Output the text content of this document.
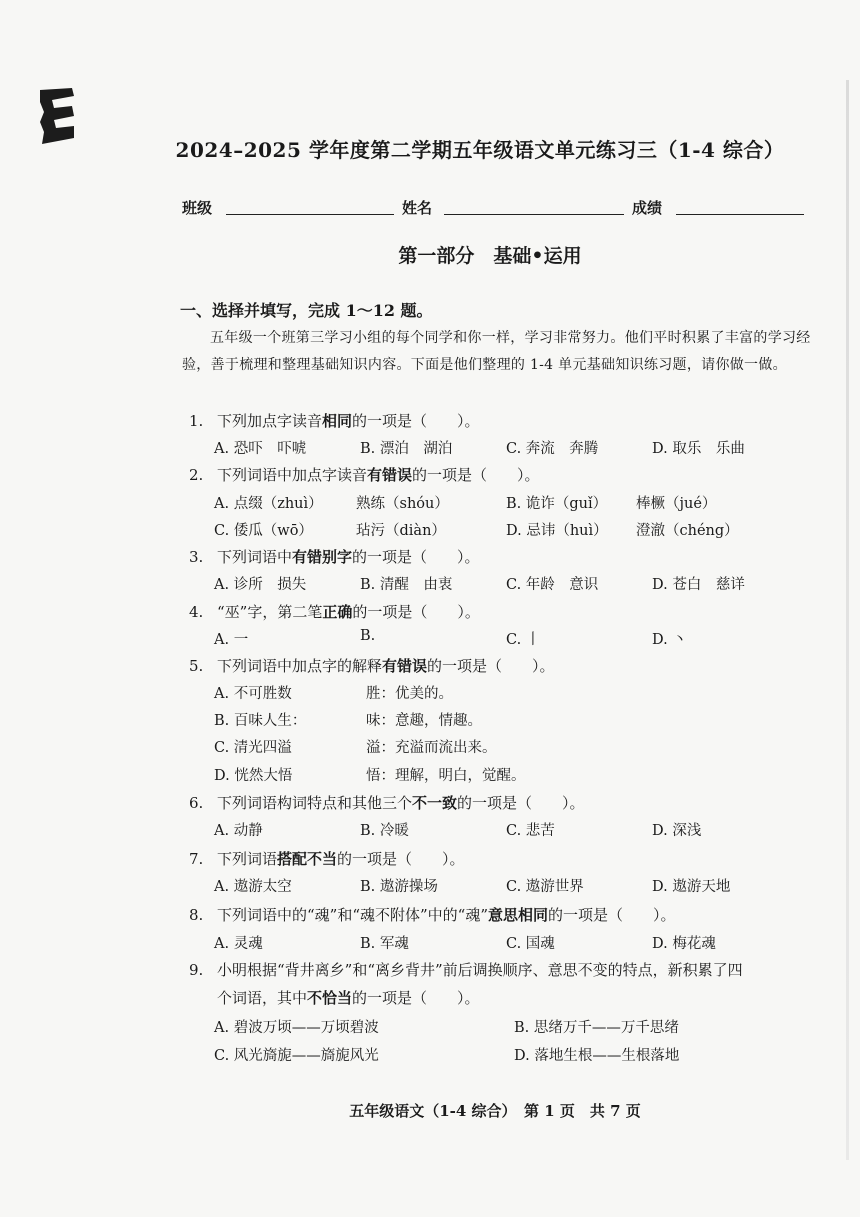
2024–2025 学年度第二学期五年级语文单元练习三（1-4 综合）
班级	姓名	成绩
第一部分　基础•运用
一、选择并填写，完成 1～12 题。
五年级一个班第三学习小组的每个同学和你一样，学习非常努力。他们平时积累了丰富的学习经验，善于梳理和整理基础知识内容。下面是他们整理的 1-4 单元基础知识练习题，请你做一做。
1. 下列加点字读音相同的一项是（　　）。
A. 恐吓　吓唬	B. 漂泊　湖泊	C. 奔流　奔腾	D. 取乐　乐曲
2. 下列词语中加点字读音有错误的一项是（　　）。
A. 点缀（zhuì） 熟练（shóu）	B. 诡诈（guǐ） 棒橛（jué）
C. 倭瓜（wō）	玷污（diàn）	D. 忌讳（huì） 澄澈（chéng）
3. 下列词语中有错别字的一项是（　　）。
A. 诊所　损失	B. 清醒　由衷	C. 年龄　意识	D. 苍白　慈详
4. “巫”字，第二笔正确的一项是（　　）。
A. 一	B.	C. 丨	D. 丶
5. 下列词语中加点字的解释有错误的一项是（　　）。
A. 不可胜数	胜：优美的。
B. 百味人生：	味：意趣，情趣。
C. 清光四溢	溢：充溢而流出来。
D. 恍然大悟	悟：理解，明白，觉醒。
6. 下列词语构词特点和其他三个不一致的一项是（　　）。
A. 动静	B. 冷暖	C. 悲苦	D. 深浅
7. 下列词语搭配不当的一项是（　　）。
A. 遨游太空	B. 遨游操场	C. 遨游世界	D. 遨游天地
8. 下列词语中的“魂”和“魂不附体”中的“魂”意思相同的一项是（　　）。
A. 灵魂	B. 军魂	C. 国魂	D. 梅花魂
9. 小明根据“背井离乡”和“离乡背井”前后调换顺序、意思不变的特点，新积累了四
个词语，其中不恰当的一项是（　　）。
A. 碧波万顷——万顷碧波	B. 思绪万千——万千思绪
C. 风光旖旎——旖旎风光	D. 落地生根——生根落地
五年级语文（1-4 综合）　第 1 页　共 7 页
